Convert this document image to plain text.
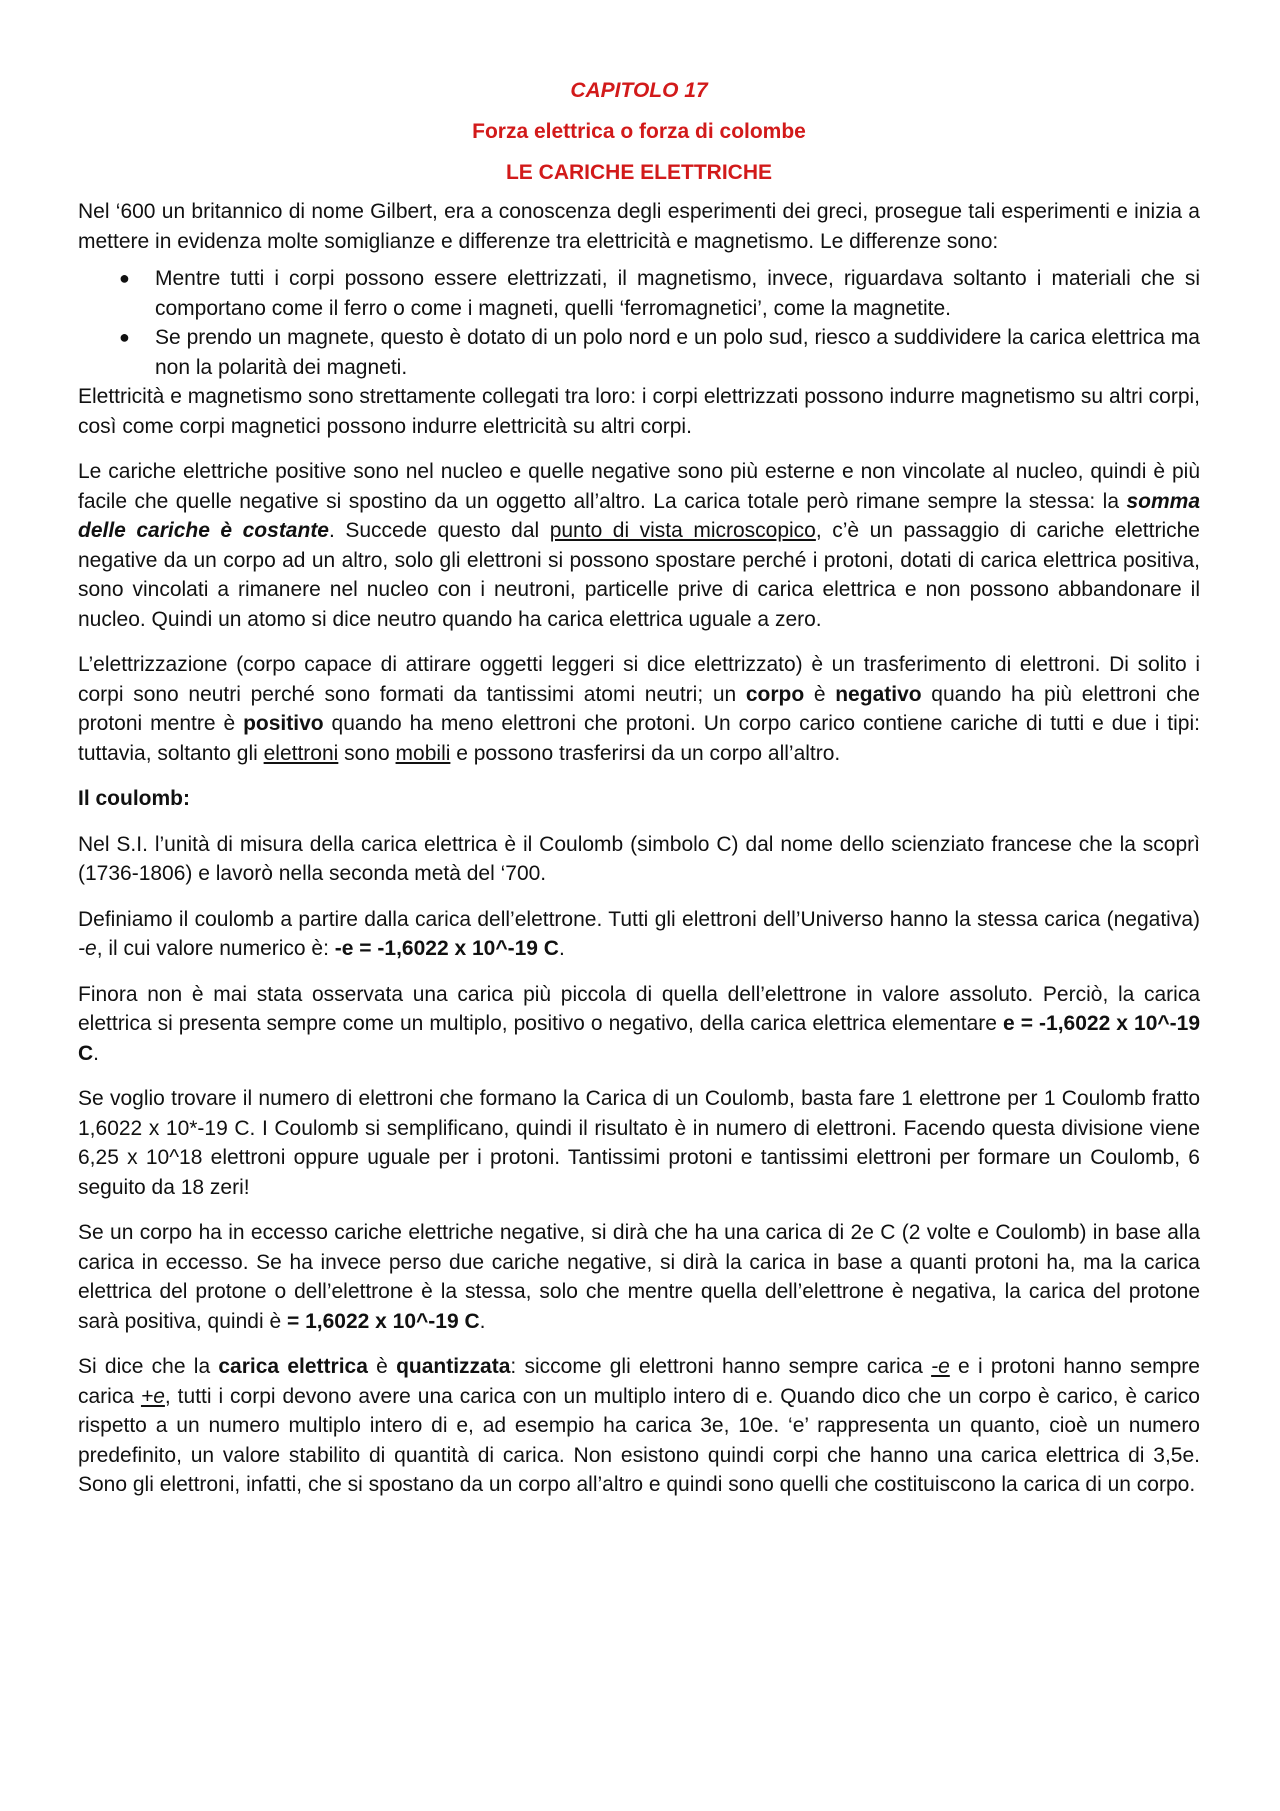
CAPITOLO 17
Forza elettrica o forza di colombe
LE CARICHE ELETTRICHE

Nel ‘600 un britannico di nome Gilbert, era a conoscenza degli esperimenti dei greci, prosegue tali esperimenti e inizia a mettere in evidenza molte somiglianze e differenze tra elettricità e magnetismo. Le differenze sono:

● Mentre tutti i corpi possono essere elettrizzati, il magnetismo, invece, riguardava soltanto i materiali che si comportano come il ferro o come i magneti, quelli ‘ferromagnetici’, come la magnetite.
● Se prendo un magnete, questo è dotato di un polo nord e un polo sud, riesco a suddividere la carica elettrica ma non la polarità dei magneti.

Elettricità e magnetismo sono strettamente collegati tra loro: i corpi elettrizzati possono indurre magnetismo su altri corpi, così come corpi magnetici possono indurre elettricità su altri corpi.

Le cariche elettriche positive sono nel nucleo e quelle negative sono più esterne e non vincolate al nucleo, quindi è più facile che quelle negative si spostino da un oggetto all’altro. La carica totale però rimane sempre la stessa: la somma delle cariche è costante. Succede questo dal punto di vista microscopico, c’è un passaggio di cariche elettriche negative da un corpo ad un altro, solo gli elettroni si possono spostare perché i protoni, dotati di carica elettrica positiva, sono vincolati a rimanere nel nucleo con i neutroni, particelle prive di carica elettrica e non possono abbandonare il nucleo. Quindi un atomo si dice neutro quando ha carica elettrica uguale a zero.

L’elettrizzazione (corpo capace di attirare oggetti leggeri si dice elettrizzato) è un trasferimento di elettroni. Di solito i corpi sono neutri perché sono formati da tantissimi atomi neutri; un corpo è negativo quando ha più elettroni che protoni mentre è positivo quando ha meno elettroni che protoni. Un corpo carico contiene cariche di tutti e due i tipi: tuttavia, soltanto gli elettroni sono mobili e possono trasferirsi da un corpo all’altro.

Il coulomb:

Nel S.I. l’unità di misura della carica elettrica è il Coulomb (simbolo C) dal nome dello scienziato francese che la scoprì (1736-1806) e lavorò nella seconda metà del ‘700.

Definiamo il coulomb a partire dalla carica dell’elettrone. Tutti gli elettroni dell’Universo hanno la stessa carica (negativa) -e, il cui valore numerico è: -e = -1,6022 x 10^-19 C.

Finora non è mai stata osservata una carica più piccola di quella dell’elettrone in valore assoluto. Perciò, la carica elettrica si presenta sempre come un multiplo, positivo o negativo, della carica elettrica elementare e = -1,6022 x 10^-19 C.

Se voglio trovare il numero di elettroni che formano la Carica di un Coulomb, basta fare 1 elettrone per 1 Coulomb fratto 1,6022 x 10*-19 C. I Coulomb si semplificano, quindi il risultato è in numero di elettroni. Facendo questa divisione viene 6,25 x 10^18 elettroni oppure uguale per i protoni. Tantissimi protoni e tantissimi elettroni per formare un Coulomb, 6 seguito da 18 zeri!

Se un corpo ha in eccesso cariche elettriche negative, si dirà che ha una carica di 2e C (2 volte e Coulomb) in base alla carica in eccesso. Se ha invece perso due cariche negative, si dirà la carica in base a quanti protoni ha, ma la carica elettrica del protone o dell’elettrone è la stessa, solo che mentre quella dell’elettrone è negativa, la carica del protone sarà positiva, quindi è = 1,6022 x 10^-19 C.

Si dice che la carica elettrica è quantizzata: siccome gli elettroni hanno sempre carica -e e i protoni hanno sempre carica +e, tutti i corpi devono avere una carica con un multiplo intero di e. Quando dico che un corpo è carico, è carico rispetto a un numero multiplo intero di e, ad esempio ha carica 3e, 10e. ‘e’ rappresenta un quanto, cioè un numero predefinito, un valore stabilito di quantità di carica. Non esistono quindi corpi che hanno una carica elettrica di 3,5e. Sono gli elettroni, infatti, che si spostano da un corpo all’altro e quindi sono quelli che costituiscono la carica di un corpo.
